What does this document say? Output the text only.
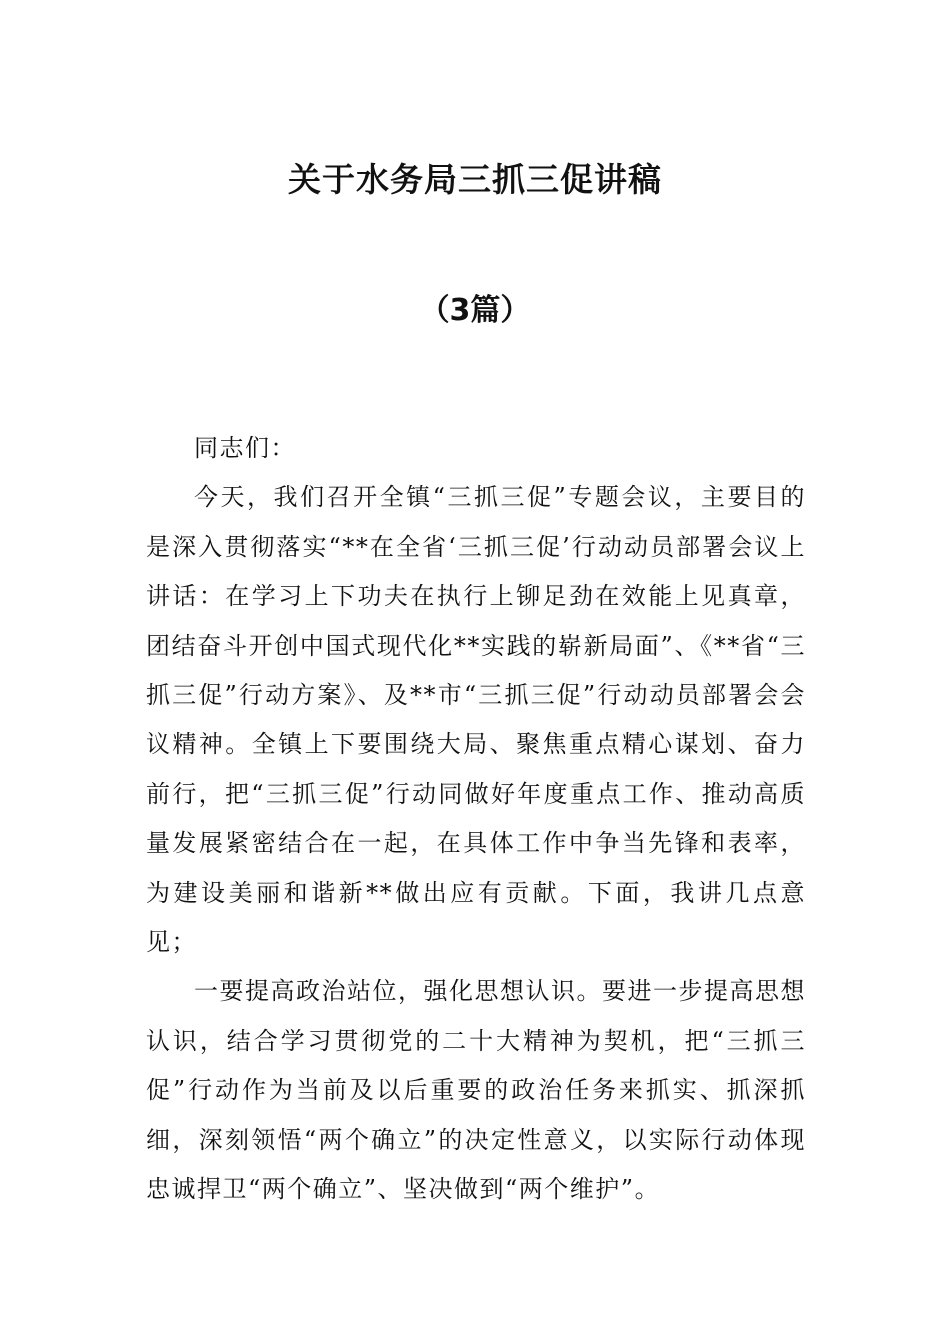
关于水务局三抓三促讲稿
（3篇）

同志们：

今天，我们召开全镇“三抓三促”专题会议，主要目的是深入贯彻落实“**在全省‘三抓三促’行动动员部署会议上讲话：在学习上下功夫在执行上铆足劲在效能上见真章，团结奋斗开创中国式现代化**实践的崭新局面”、《**省“三抓三促”行动方案》、及**市“三抓三促”行动动员部署会会议精神。全镇上下要围绕大局、聚焦重点精心谋划、奋力前行，把“三抓三促”行动同做好年度重点工作、推动高质量发展紧密结合在一起，在具体工作中争当先锋和表率，为建设美丽和谐新**做出应有贡献。下面，我讲几点意见；

一要提高政治站位，强化思想认识。要进一步提高思想认识，结合学习贯彻党的二十大精神为契机，把“三抓三促”行动作为当前及以后重要的政治任务来抓实、抓深抓细，深刻领悟“两个确立”的决定性意义，以实际行动体现忠诚捍卫“两个确立”、坚决做到“两个维护”。
